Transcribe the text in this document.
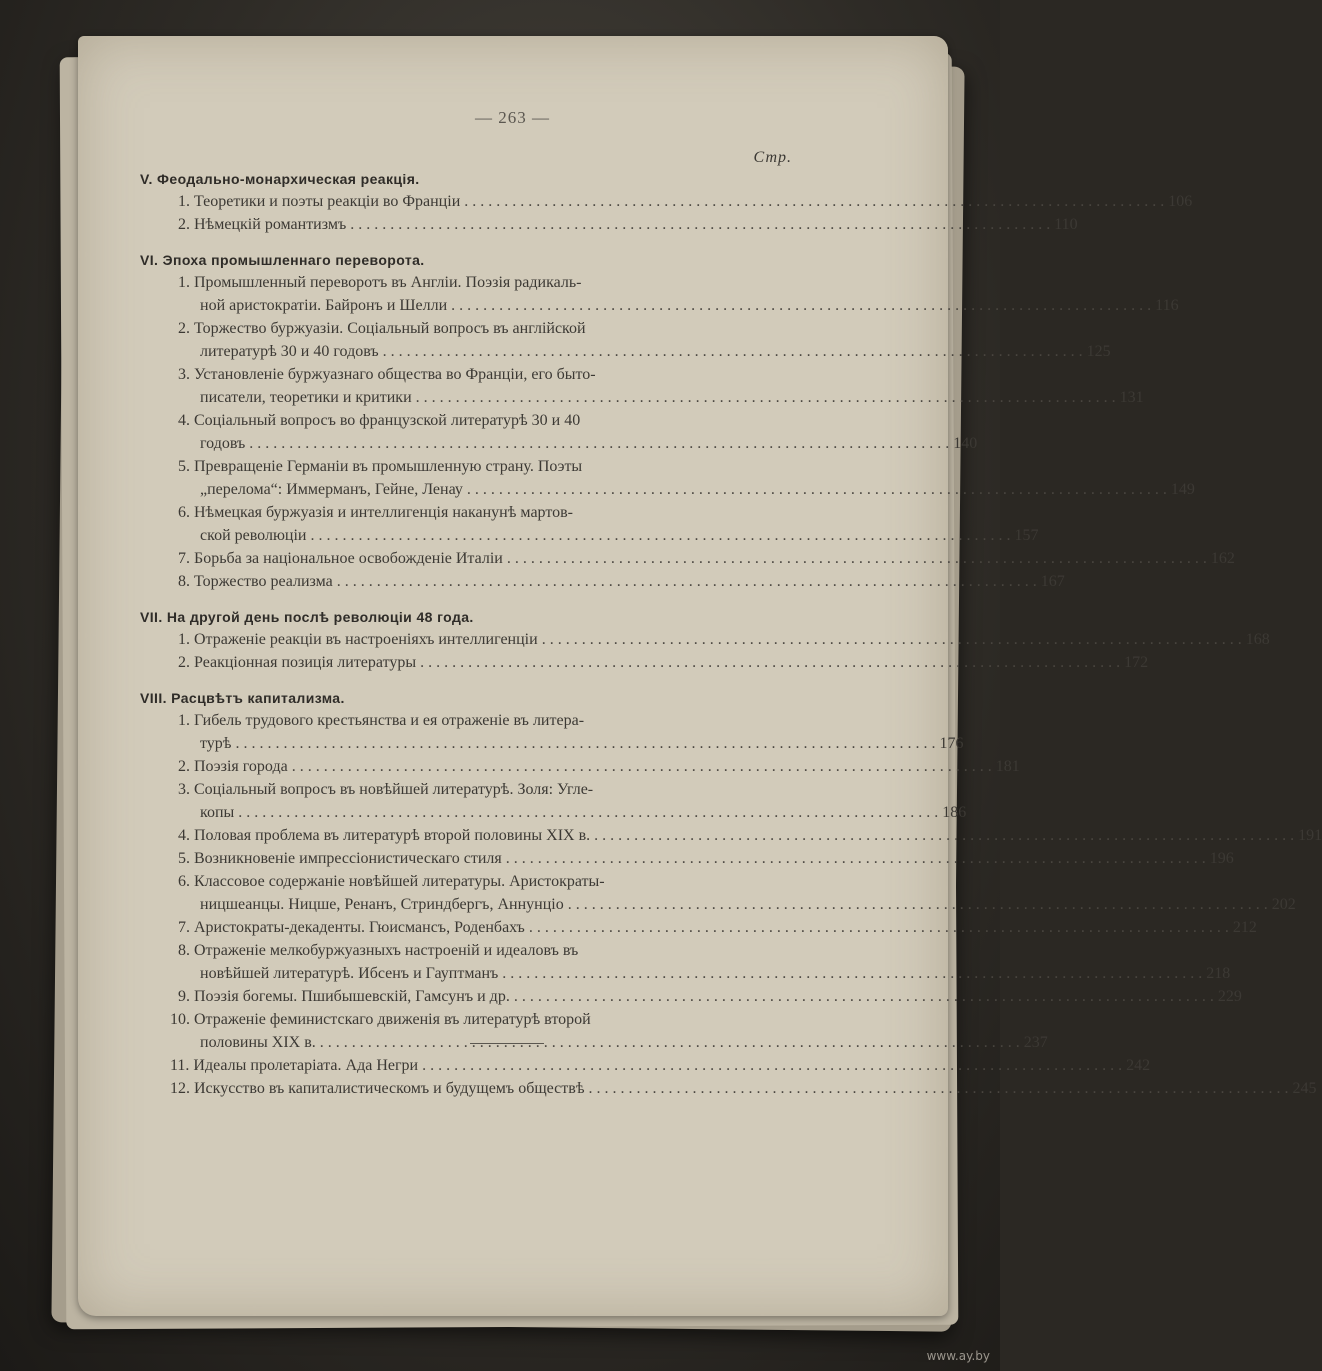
— 263 —
Стр.
V. Феодально-монархическая реакція.
1. Теоретики и поэты реакціи во Франціи . . .	106
2. Нѣмецкій романтизмъ . . .	110
VI. Эпоха промышленнаго переворота.
1. Промышленный переворотъ въ Англіи. Поэзія радикаль-
ной аристократіи. Байронъ и Шелли . . .	116
2. Торжество буржуазіи. Соціальный вопросъ въ англійской
литературѣ 30 и 40 годовъ . . .	125
3. Установленіе буржуазнаго общества во Франціи, его быто-
писатели, теоретики и критики . . .	131
4. Соціальный вопросъ во французской литературѣ 30 и 40
годовъ . . .	140
5. Превращеніе Германіи въ промышленную страну. Поэты
„перелома“: Иммерманъ, Гейне, Ленау . . .	149
6. Нѣмецкая буржуазія и интеллигенція наканунѣ мартов-
ской революціи . . .	157
7. Борьба за національное освобожденіе Италіи . . .	162
8. Торжество реализма . . .	167
VII. На другой день послѣ революціи 48 года.
1. Отраженіе реакціи въ настроеніяхъ интеллигенціи . . .	168
2. Реакціонная позиція литературы . . .	172
VIII. Расцвѣтъ капитализма.
1. Гибель трудового крестьянства и ея отраженіе въ литера-
турѣ . . .	176
2. Поэзія города . . .	181
3. Соціальный вопросъ въ новѣйшей литературѣ. Золя: Угле-
копы . . .	186
4. Половая проблема въ литературѣ второй половины XIX в. . . .	191
5. Возникновеніе импрессіонистическаго стиля . . .	196
6. Классовое содержаніе новѣйшей литературы. Аристократы-
ницшеанцы. Ницше, Ренанъ, Стриндбергъ, Аннунціо . . .	202
7. Аристократы-декаденты. Гюисмансъ, Роденбахъ . . .	212
8. Отраженіе мелкобуржуазныхъ настроеній и идеаловъ въ
новѣйшей литературѣ. Ибсенъ и Гауптманъ . . .	218
9. Поэзія богемы. Пшибышевскій, Гамсунъ и др. . . .	229
10. Отраженіе феминистскаго движенія въ литературѣ второй
половины XIX в. . . .	237
11. Идеалы пролетаріата. Ада Негри . . .	242
12. Искусство въ капиталистическомъ и будущемъ обществѣ . . .	245
www.ay.by
